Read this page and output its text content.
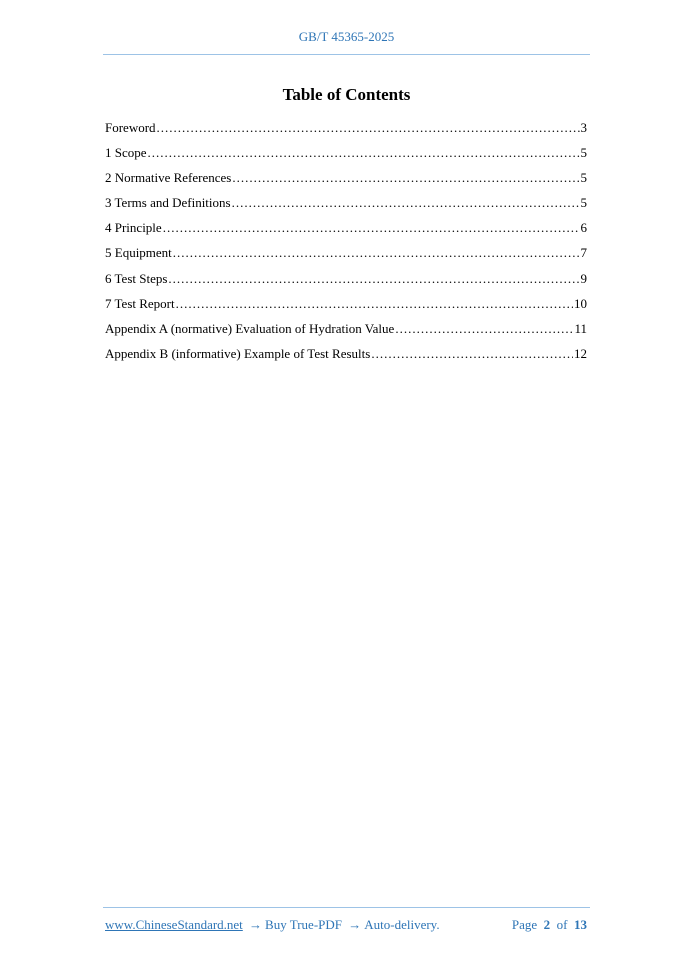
GB/T 45365-2025
Table of Contents
Foreword .....	3
1 Scope .....	5
2 Normative References .....	5
3 Terms and Definitions .....	5
4 Principle .....	6
5 Equipment .....	7
6 Test Steps .....	9
7 Test Report .....	10
Appendix A (normative) Evaluation of Hydration Value .....	11
Appendix B (informative) Example of Test Results .....	12
www.ChineseStandard.net → Buy True-PDF → Auto-delivery.	Page 2 of 13
